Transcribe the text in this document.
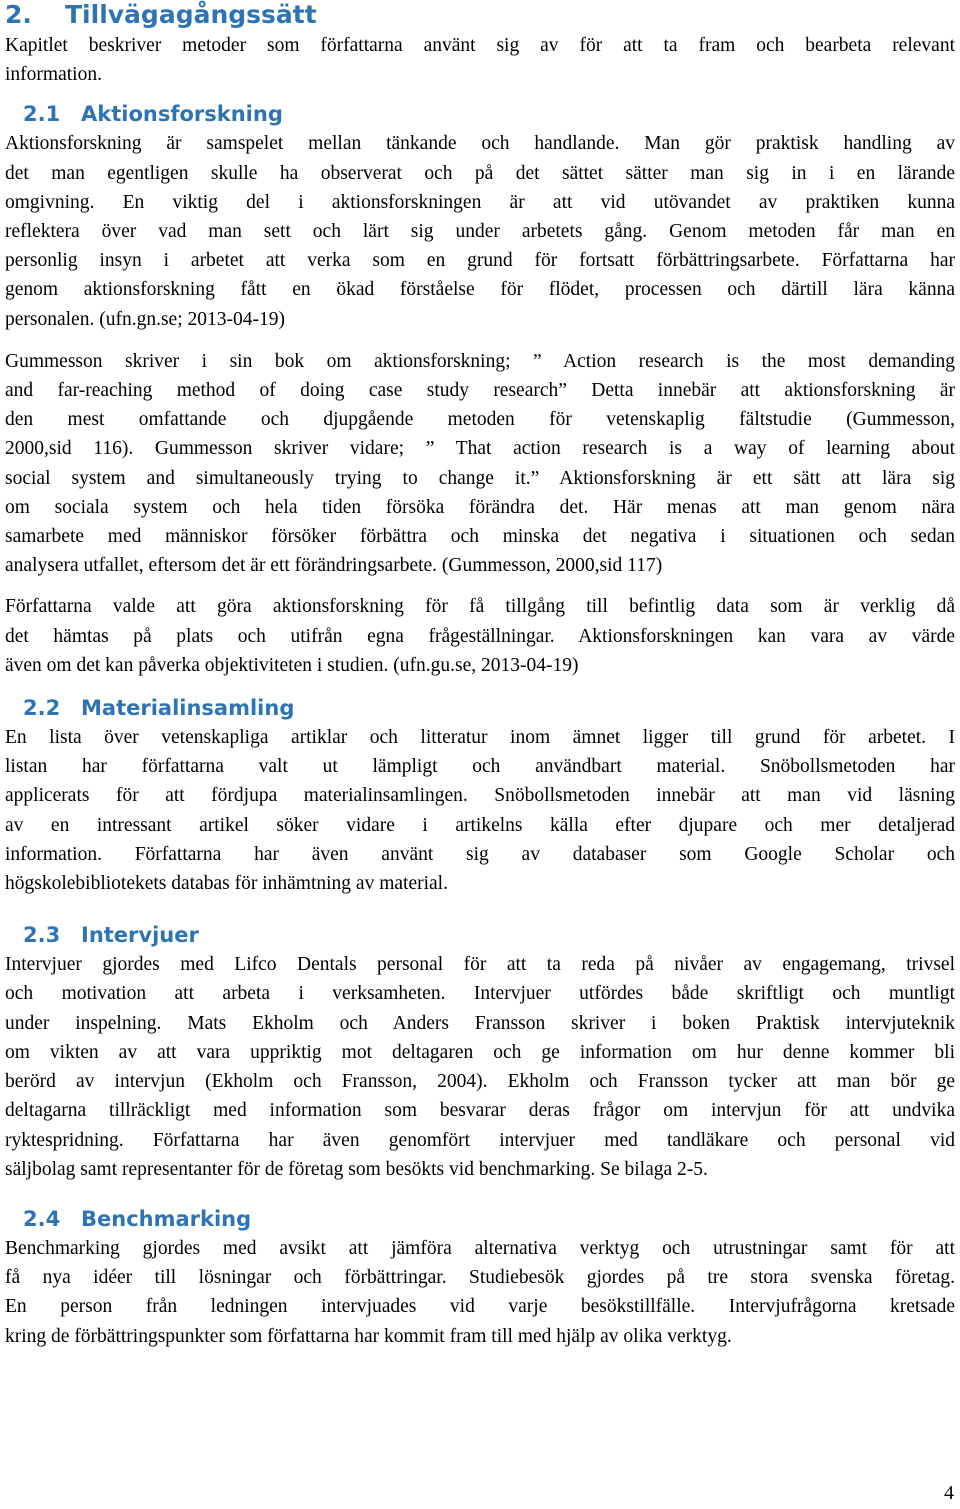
2. Tillvägagångssätt

Kapitlet beskriver metoder som författarna använt sig av för att ta fram och bearbeta relevant
information.

2.1 Aktionsforskning

Aktionsforskning är samspelet mellan tänkande och handlande. Man gör praktisk handling av
det man egentligen skulle ha observerat och på det sättet sätter man sig in i en lärande
omgivning. En viktig del i aktionsforskningen är att vid utövandet av praktiken kunna
reflektera över vad man sett och lärt sig under arbetets gång. Genom metoden får man en
personlig insyn i arbetet att verka som en grund för fortsatt förbättringsarbete. Författarna har
genom aktionsforskning fått en ökad förståelse för flödet, processen och därtill lära känna
personalen. (ufn.gn.se; 2013-04-19)

Gummesson skriver i sin bok om aktionsforskning; ” Action research is the most demanding
and far-reaching method of doing case study research” Detta innebär att aktionsforskning är
den mest omfattande och djupgående metoden för vetenskaplig fältstudie (Gummesson,
2000,sid 116). Gummesson skriver vidare; ” That action research is a way of learning about
social system and simultaneously trying to change it.” Aktionsforskning är ett sätt att lära sig
om sociala system och hela tiden försöka förändra det. Här menas att man genom nära
samarbete med människor försöker förbättra och minska det negativa i situationen och sedan
analysera utfallet, eftersom det är ett förändringsarbete. (Gummesson, 2000,sid 117)

Författarna valde att göra aktionsforskning för få tillgång till befintlig data som är verklig då
det hämtas på plats och utifrån egna frågeställningar. Aktionsforskningen kan vara av värde
även om det kan påverka objektiviteten i studien. (ufn.gu.se, 2013-04-19)

2.2 Materialinsamling

En lista över vetenskapliga artiklar och litteratur inom ämnet ligger till grund för arbetet. I
listan har författarna valt ut lämpligt och användbart material. Snöbollsmetoden har
applicerats för att fördjupa materialinsamlingen. Snöbollsmetoden innebär att man vid läsning
av en intressant artikel söker vidare i artikelns källa efter djupare och mer detaljerad
information. Författarna har även använt sig av databaser som Google Scholar och
högskolebibliotekets databas för inhämtning av material.

2.3 Intervjuer

Intervjuer gjordes med Lifco Dentals personal för att ta reda på nivåer av engagemang, trivsel
och motivation att arbeta i verksamheten. Intervjuer utfördes både skriftligt och muntligt
under inspelning. Mats Ekholm och Anders Fransson skriver i boken Praktisk intervjuteknik
om vikten av att vara uppriktig mot deltagaren och ge information om hur denne kommer bli
berörd av intervjun (Ekholm och Fransson, 2004). Ekholm och Fransson tycker att man bör ge
deltagarna tillräckligt med information som besvarar deras frågor om intervjun för att undvika
ryktespridning. Författarna har även genomfört intervjuer med tandläkare och personal vid
säljbolag samt representanter för de företag som besökts vid benchmarking. Se bilaga 2-5.

2.4 Benchmarking

Benchmarking gjordes med avsikt att jämföra alternativa verktyg och utrustningar samt för att
få nya idéer till lösningar och förbättringar. Studiebesök gjordes på tre stora svenska företag.
En person från ledningen intervjuades vid varje besökstillfälle. Intervjufrågorna kretsade
kring de förbättringspunkter som författarna har kommit fram till med hjälp av olika verktyg.

4
